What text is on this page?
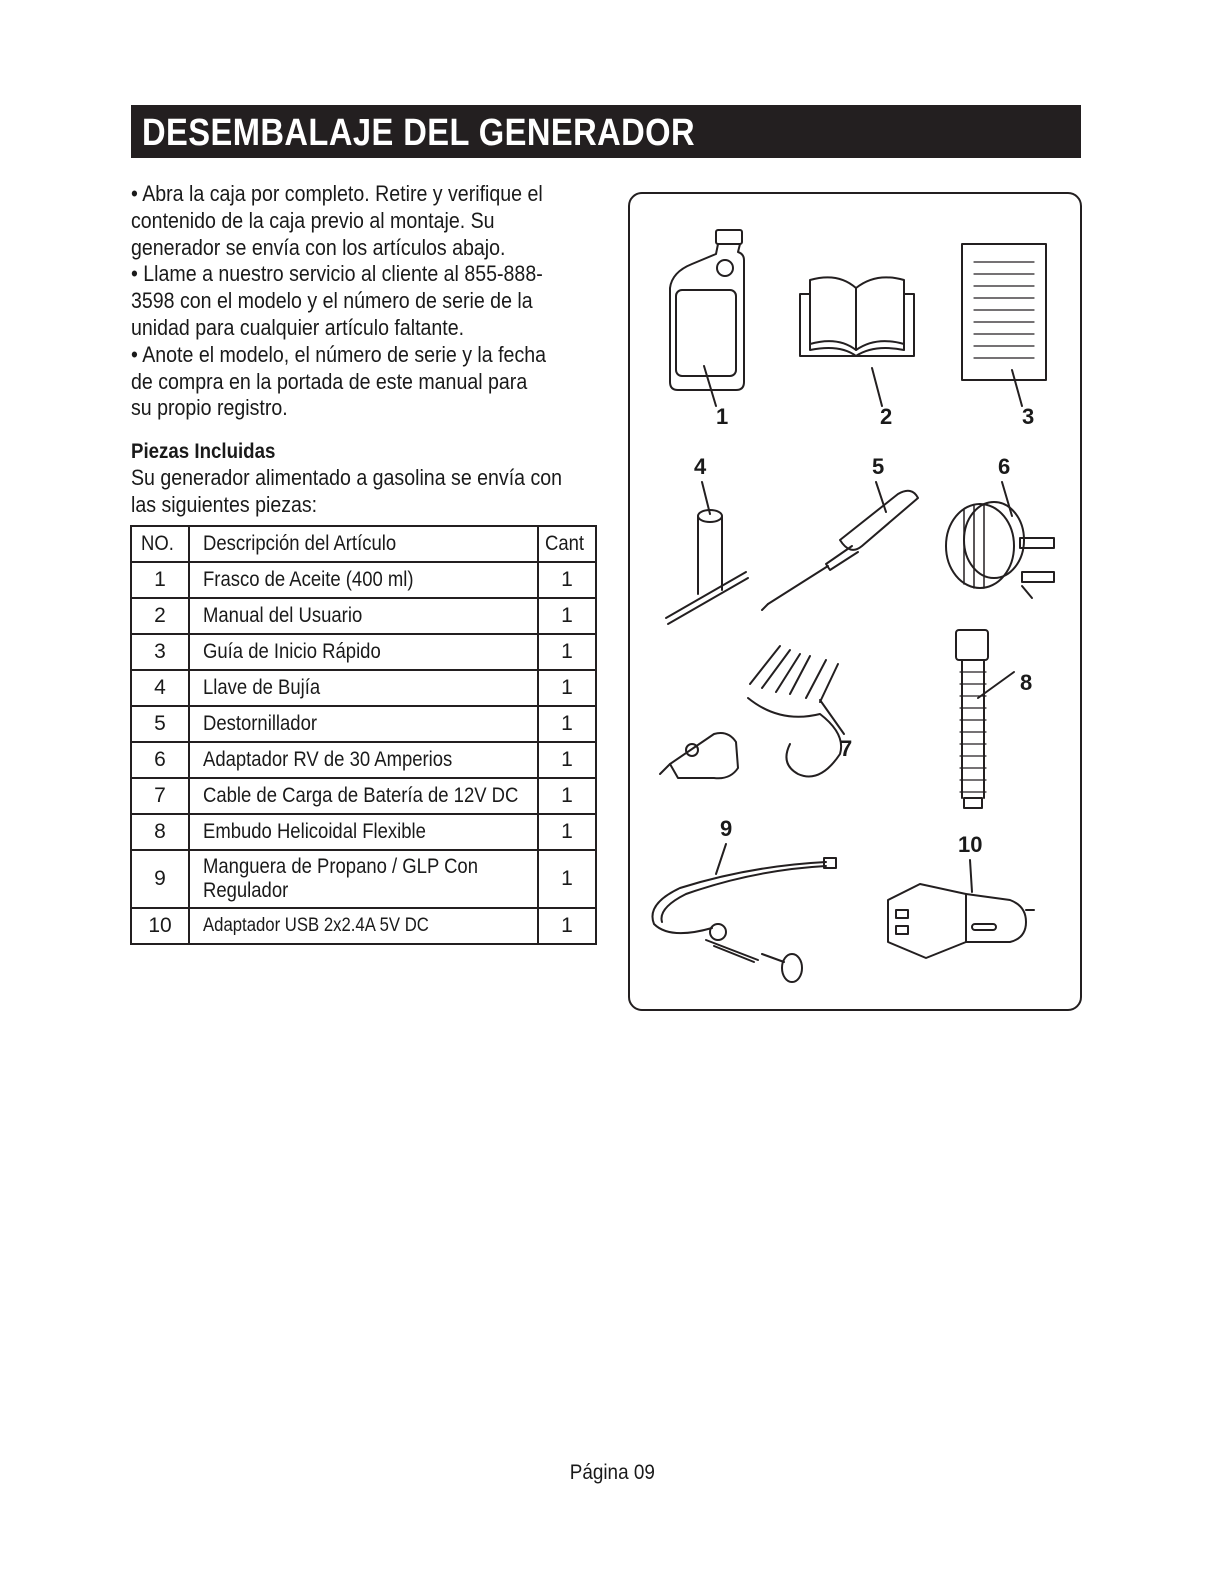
DESEMBALAJE DEL GENERADOR

• Abra la caja por completo. Retire y verifique el contenido de la caja previo al montaje. Su generador se envía con los artículos abajo.

• Llame a nuestro servicio al cliente al 855-888-3598 con el modelo y el número de serie de la unidad para cualquier artículo faltante.

• Anote el modelo, el número de serie y la fecha de compra en la portada de este manual para su propio registro.

Piezas Incluidas
Su generador alimentado a gasolina se envía con las siguientes piezas:
NO.	Descripción del Artículo	Cant
1	Frasco de Aceite (400 ml)	1
2	Manual del Usuario	1
3	Guía de Inicio Rápido	1
4	Llave de Bujía	1
5	Destornillador	1
6	Adaptador RV de 30 Amperios	1
7	Cable de Carga de Batería de 12V DC	1
8	Embudo Helicoidal Flexible	1
9	Manguera de Propano / GLP Con
Regulador	1
10	Adaptador USB 2x2.4A 5V DC	1
1	2	3
4	5	6
7
8
9
10
Página 09
